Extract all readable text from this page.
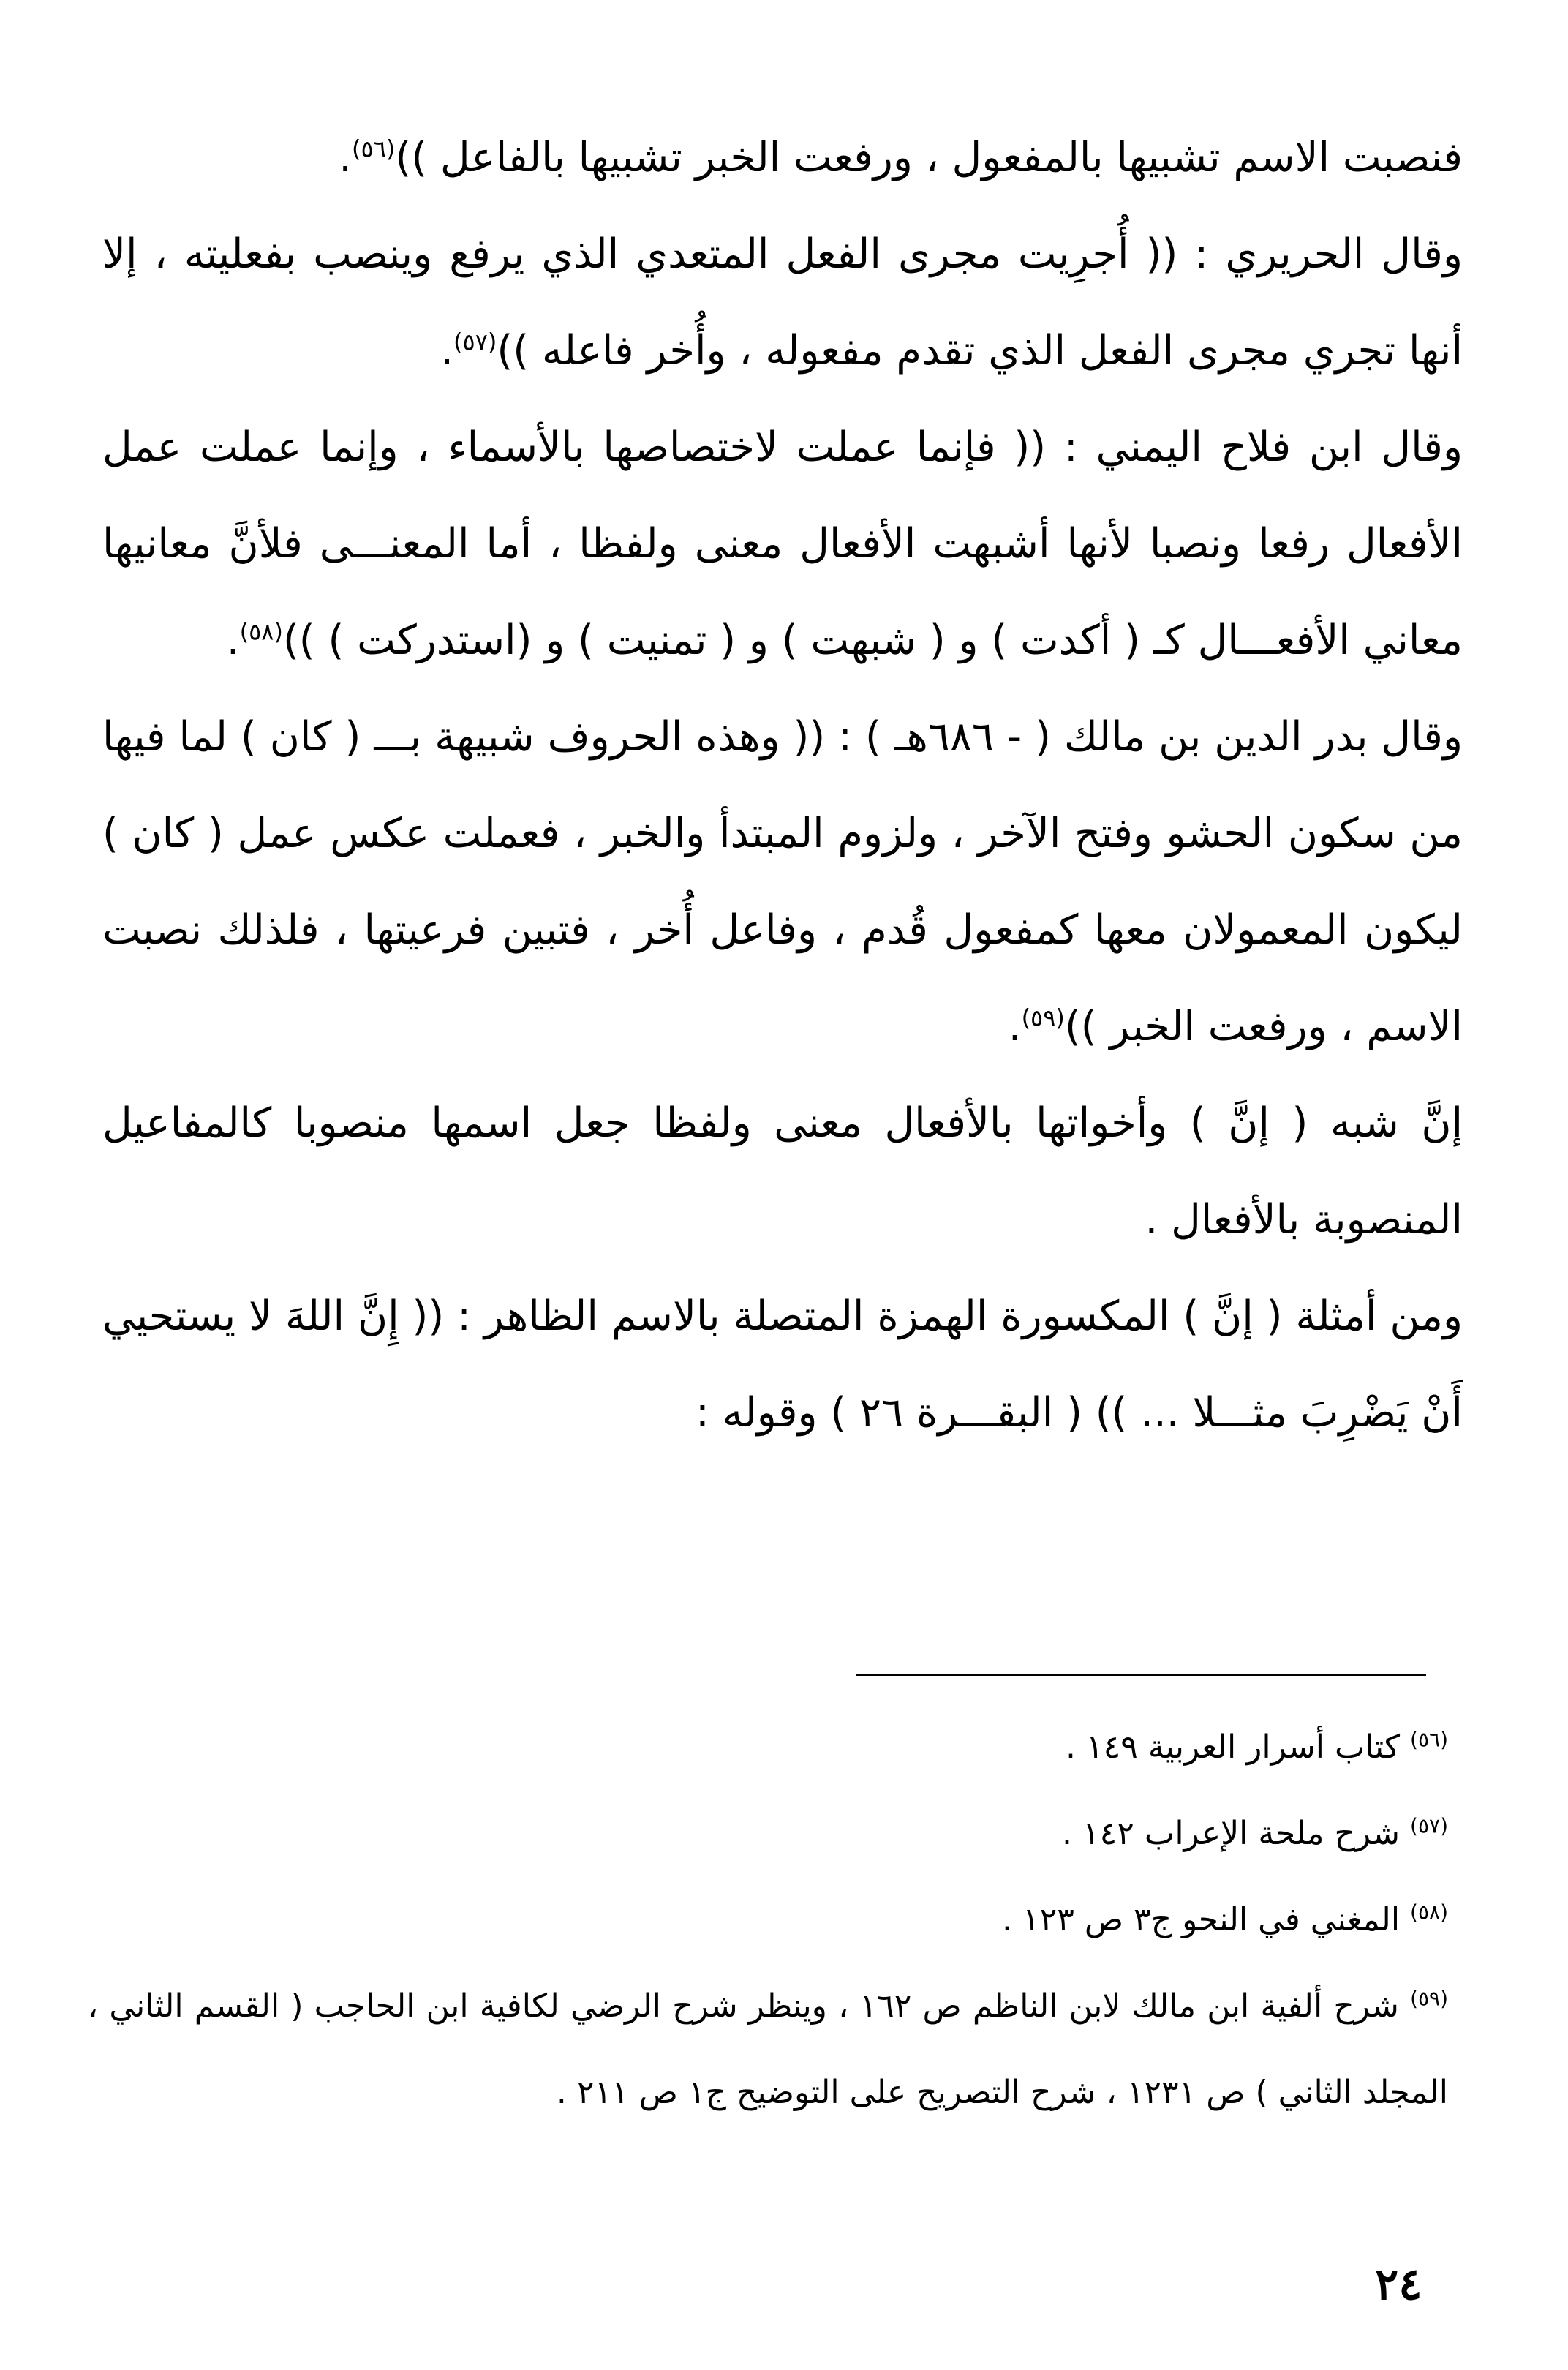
فنصبت الاسم تشبيها بالمفعول ، ورفعت الخبر تشبيها بالفاعل ))$^{(٥٦)}$.

وقال الحريري : (( أُجرِيت مجرى الفعل المتعدي الذي يرفع وينصب بفعليته ، إلا أنها تجري مجرى الفعل الذي تقدم مفعوله ، وأُخر فاعله ))$^{(٥٧)}$.

وقال ابن فلاح اليمني : (( فإنما عملت لاختصاصها بالأسماء ، وإنما عملت عمل الأفعال رفعا ونصبا لأنها أشبهت الأفعال معنى ولفظا ، أما المعنـــى فلأنَّ معانيها معاني الأفعـــال كـ ( أكدت ) و ( شبهت ) و ( تمنيت ) و (استدركت ) ))$^{(٥٨)}$.

وقال بدر الدين بن مالك ( - ٦٨٦هـ ) : (( وهذه الحروف شبيهة بـــ ( كان ) لما فيها من سكون الحشو وفتح الآخر ، ولزوم المبتدأ والخبر ، فعملت عكس عمل ( كان ) ليكون المعمولان معها كمفعول قُدم ، وفاعل أُخر ، فتبين فرعيتها ، فلذلك نصبت الاسم ، ورفعت الخبر ))$^{(٥٩)}$.

إنَّ شبه ( إنَّ ) وأخواتها بالأفعال معنى ولفظا جعل اسمها منصوبا كالمفاعيل المنصوبة بالأفعال .

ومن أمثلة ( إنَّ ) المكسورة الهمزة المتصلة بالاسم الظاهر : (( إِنَّ اللهَ لا يستحيي أَنْ يَضْرِبَ مثـــلا ... )) ( البقـــرة ٢٦ ) وقوله :

$^{(٥٦)}$ كتاب أسرار العربية ١٤٩ .

$^{(٥٧)}$ شرح ملحة الإعراب ١٤٢ .

$^{(٥٨)}$ المغني في النحو ج٣ ص ١٢٣ .

$^{(٥٩)}$ شرح ألفية ابن مالك لابن الناظم ص ١٦٢ ، وينظر شرح الرضي لكافية ابن الحاجب ( القسم الثاني ، المجلد الثاني ) ص ١٢٣١ ، شرح التصريح على التوضيح ج١ ص ٢١١ .

٢٤
